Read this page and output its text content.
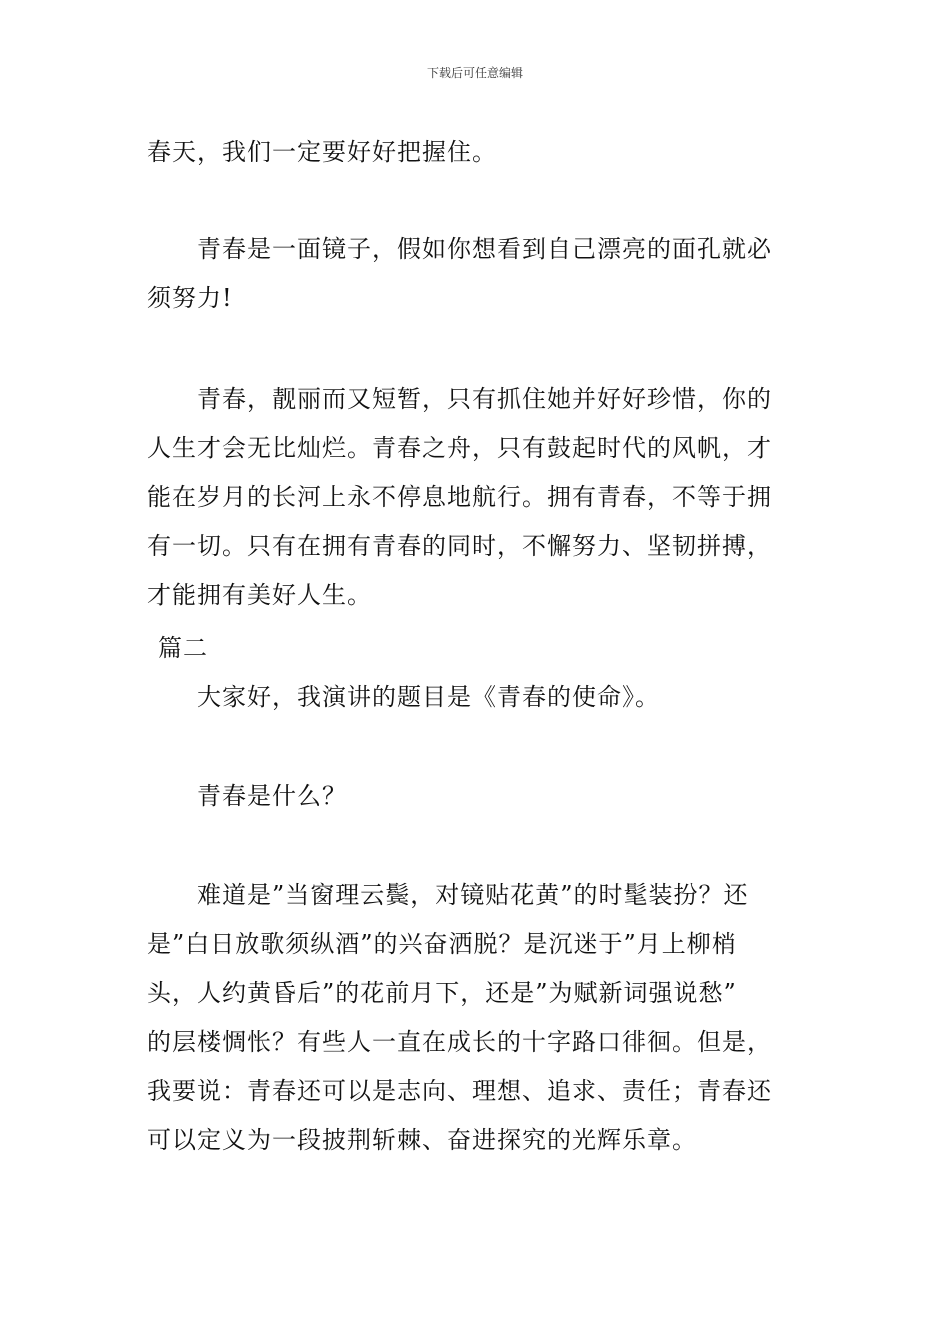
下载后可任意编辑
春天，我们一定要好好把握住。
青春是一面镜子，假如你想看到自己漂亮的面孔就必
须努力!
青春，靓丽而又短暂，只有抓住她并好好珍惜，你的
人生才会无比灿烂。青春之舟，只有鼓起时代的风帆，才
能在岁月的长河上永不停息地航行。拥有青春，不等于拥
有一切。只有在拥有青春的同时，不懈努力、坚韧拼搏，
才能拥有美好人生。
篇二
大家好，我演讲的题目是《青春的使命》。
青春是什么？
难道是”当窗理云鬓，对镜贴花黄”的时髦装扮？还
是”白日放歌须纵酒”的兴奋洒脱？是沉迷于”月上柳梢
头，人约黄昏后”的花前月下，还是”为赋新词强说愁”
的层楼惆怅？有些人一直在成长的十字路口徘徊。但是，
我要说：青春还可以是志向、理想、追求、责任；青春还
可以定义为一段披荆斩棘、奋进探究的光辉乐章。
